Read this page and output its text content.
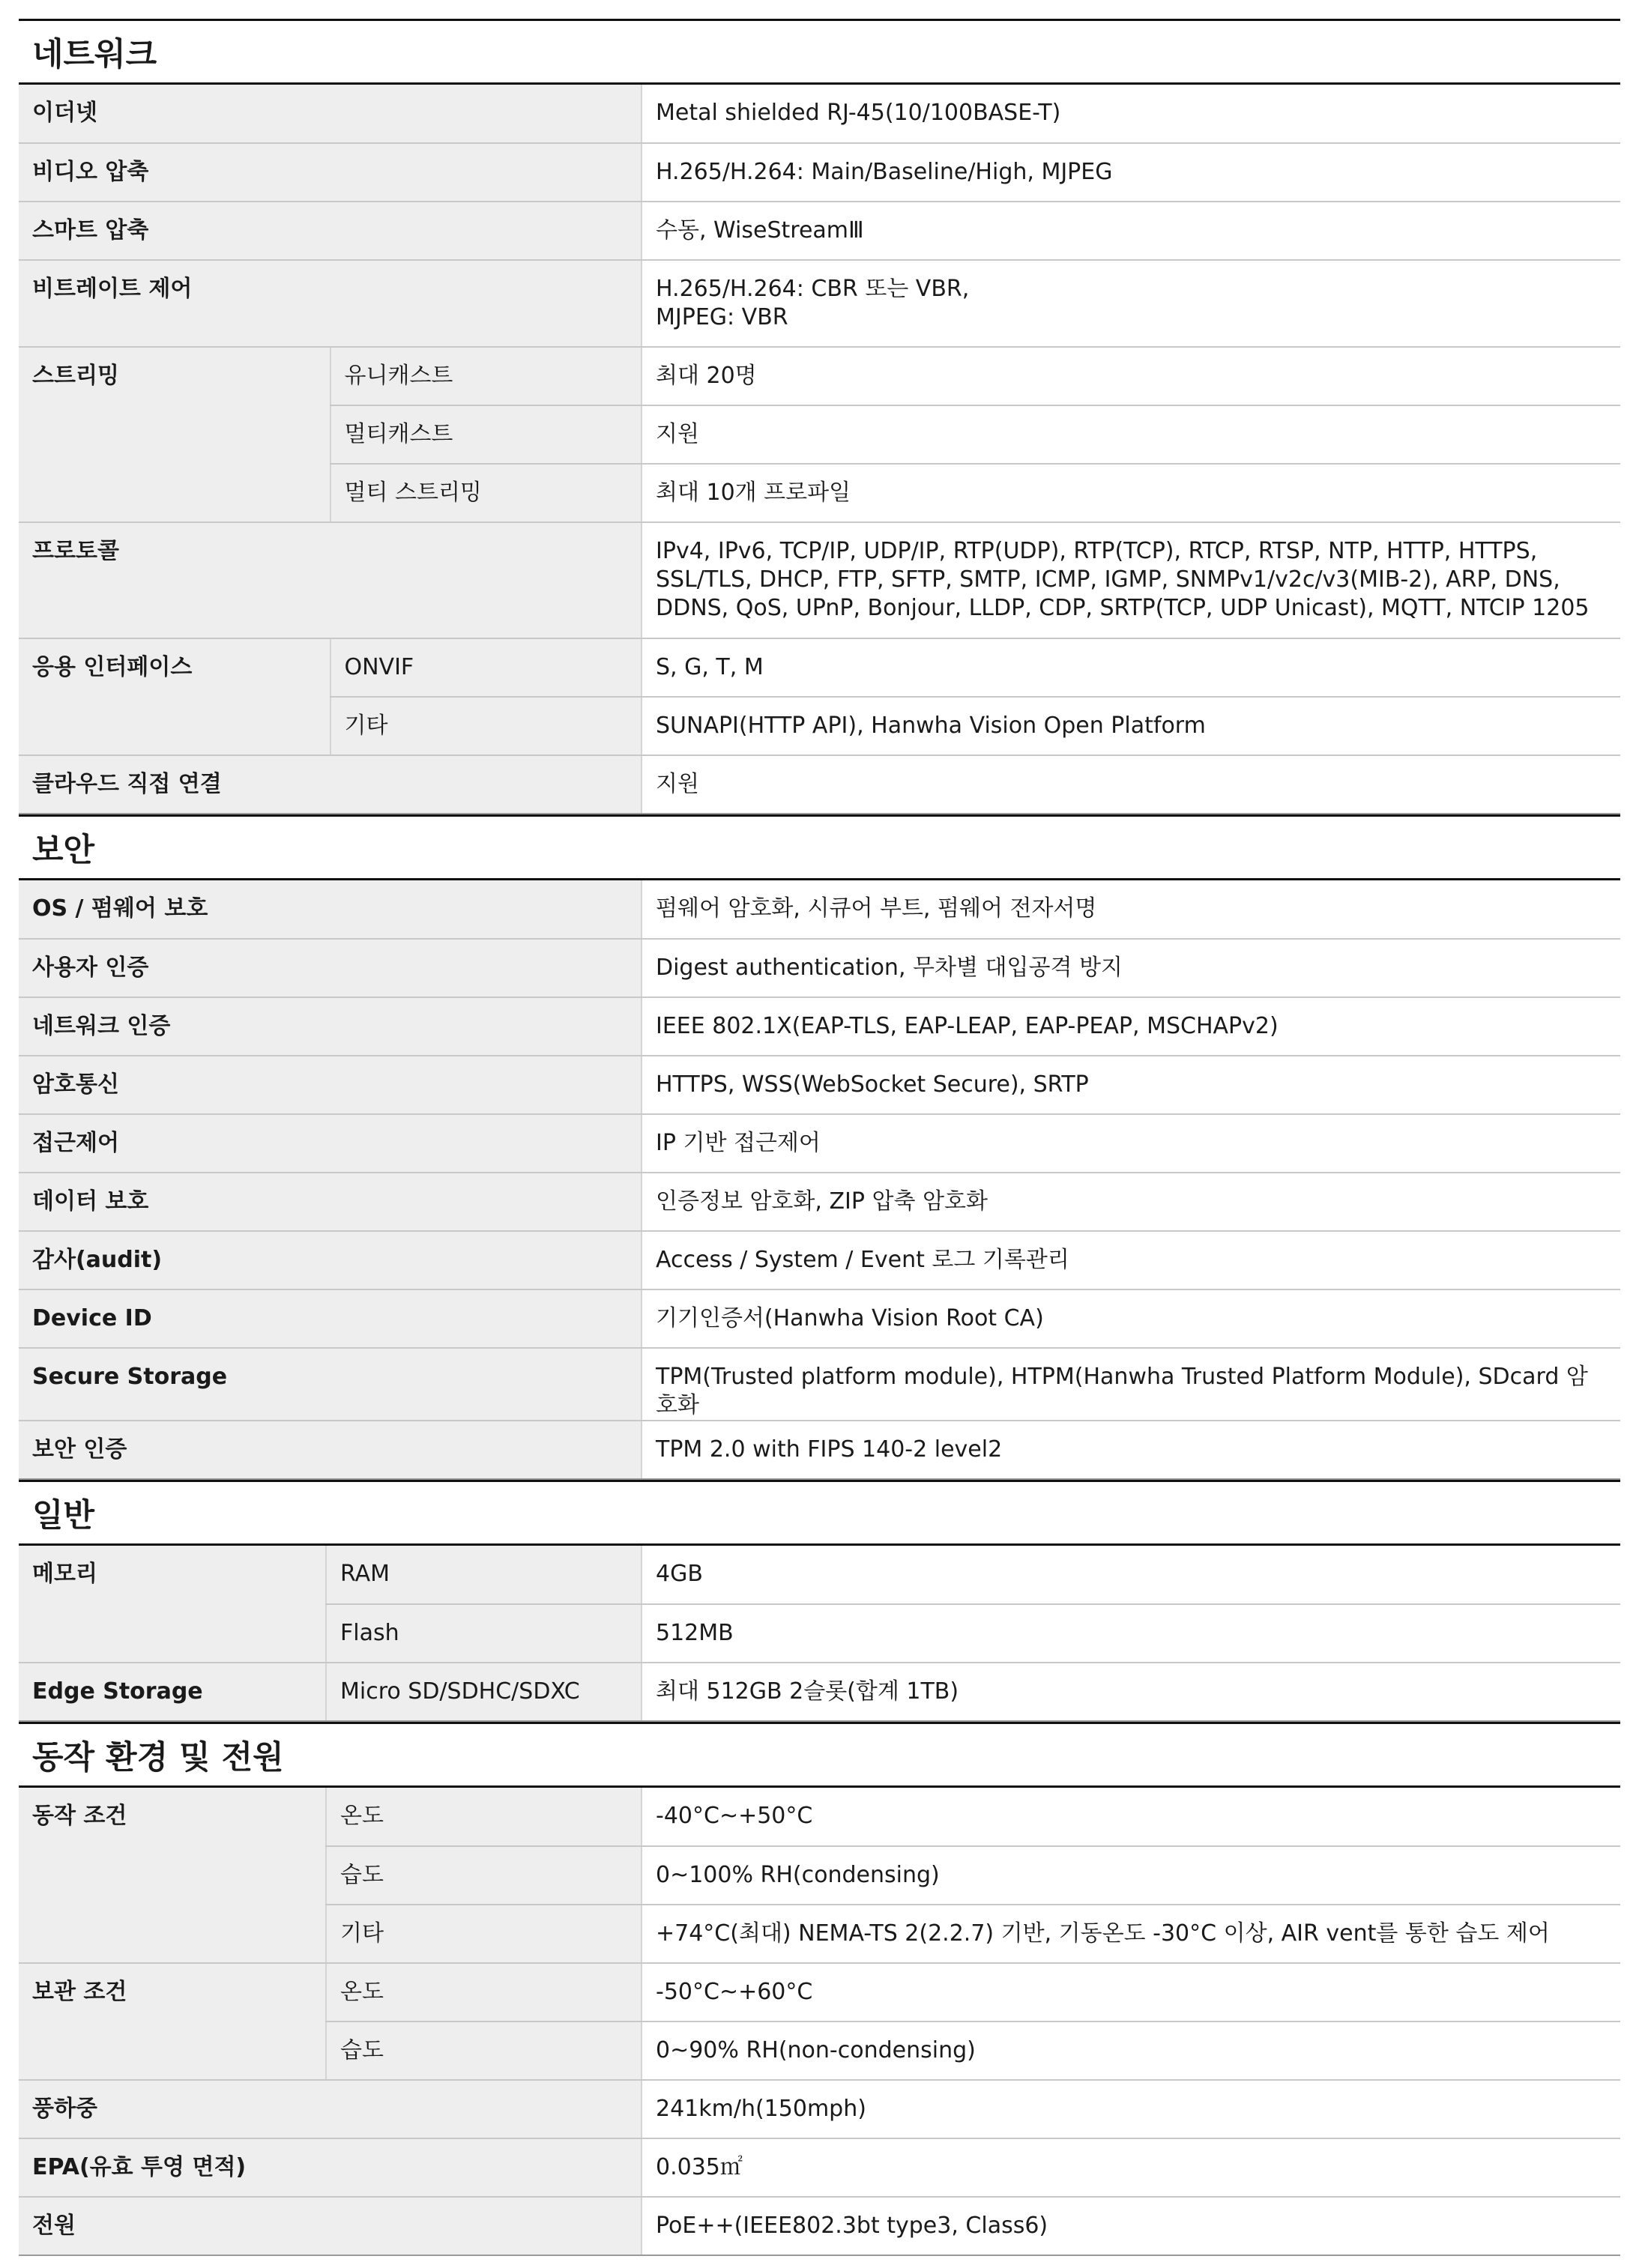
네트워크
이더넷		Metal shielded RJ-45(10/100BASE-T)

비디오 압축		H.265/H.264: Main/Baseline/High, MJPEG

스마트 압축		수동, WiseStreamⅢ

비트레이트 제어		H.265/H.264: CBR 또는 VBR,
MJPEG: VBR

스트리밍	유니캐스트	최대 20명

	멀티캐스트	지원

	멀티 스트리밍	최대 10개 프로파일

프로토콜		IPv4, IPv6, TCP/IP, UDP/IP, RTP(UDP), RTP(TCP), RTCP, RTSP, NTP, HTTP, HTTPS,
SSL/TLS, DHCP, FTP, SFTP, SMTP, ICMP, IGMP, SNMPv1/v2c/v3(MIB-2), ARP, DNS,
DDNS, QoS, UPnP, Bonjour, LLDP, CDP, SRTP(TCP, UDP Unicast), MQTT, NTCIP 1205

응용 인터페이스	ONVIF	S, G, T, M

	기타	SUNAPI(HTTP API), Hanwha Vision Open Platform

클라우드 직접 연결		지원
보안
OS / 펌웨어 보호	펌웨어 암호화, 시큐어 부트, 펌웨어 전자서명

사용자 인증	Digest authentication, 무차별 대입공격 방지

네트워크 인증	IEEE 802.1X(EAP-TLS, EAP-LEAP, EAP-PEAP, MSCHAPv2)

암호통신	HTTPS, WSS(WebSocket Secure), SRTP

접근제어	IP 기반 접근제어

데이터 보호	인증정보 암호화, ZIP 압축 암호화

감사(audit)	Access / System / Event 로그 기록관리

Device ID	기기인증서(Hanwha Vision Root CA)

Secure Storage	TPM(Trusted platform module), HTPM(Hanwha Trusted Platform Module), SDcard 암호화

보안 인증	TPM 2.0 with FIPS 140-2 level2
일반
메모리	RAM	4GB

	Flash	512MB

Edge Storage	Micro SD/SDHC/SDXC	최대 512GB 2슬롯(합계 1TB)
동작 환경 및 전원
동작 조건	온도	-40°C~+50°C

	습도	0~100% RH(condensing)

	기타	+74°C(최대) NEMA-TS 2(2.2.7) 기반, 기동온도 -30°C 이상, AIR vent를 통한 습도 제어

보관 조건	온도	-50°C~+60°C

	습도	0~90% RH(non-condensing)

풍하중		241km/h(150mph)

EPA(유효 투영 면적)		0.035㎡

전원		PoE++(IEEE802.3bt type3, Class6)
